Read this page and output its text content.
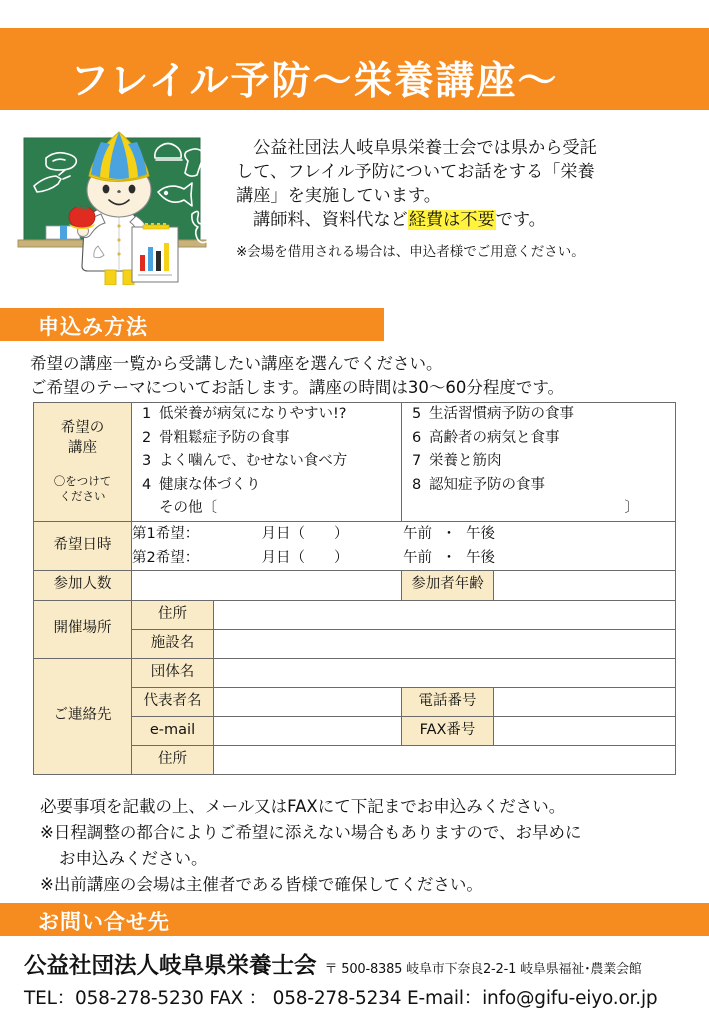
フレイル予防～栄養講座～
公益社団法人岐阜県栄養士会では県から受託
して、フレイル予防についてお話をする「栄養
講座」を実施しています。
講師料、資料代など経費は不要です。
※会場を借用される場合は、申込者様でご用意ください。
申込み方法
希望の講座一覧から受講したい講座を選んでください。
ご希望のテーマについてお話します。講座の時間は30～60分程度です。
希望の
講座
〇をつけて
ください

1 低栄養が病気になりやすい!?
2 骨粗鬆症予防の食事
3 よく噛んで、むせない食べ方
4 健康な体づくり
その他〔

5 生活習慣病予防の食事
6 高齢者の病気と食事
7 栄養と筋肉
8 認知症予防の食事
〕

希望日時	第1希望： 月日（　　） 午前 ・ 午後
第2希望： 月日（　　） 午前 ・ 午後			

参加人数			参加者年齢	
開催場所	住所			
	施設名			
ご連絡先	団体名			
	代表者名		電話番号	
	e-mail		FAX番号	
	住所			
必要事項を記載の上、メール又はFAXにて下記までお申込みください。
※日程調整の都合によりご希望に添えない場合もありますので、お早めに
お申込みください。
※出前講座の会場は主催者である皆様で確保してください。
お問い合せ先
公益社団法人岐阜県栄養士会 〒 500-8385 岐阜市下奈良2-2-1 岐阜県福祉･農業会館
TEL：058-278-5230 FAX ： 058-278-5234 E-mail：info@gifu-eiyo.or.jp
